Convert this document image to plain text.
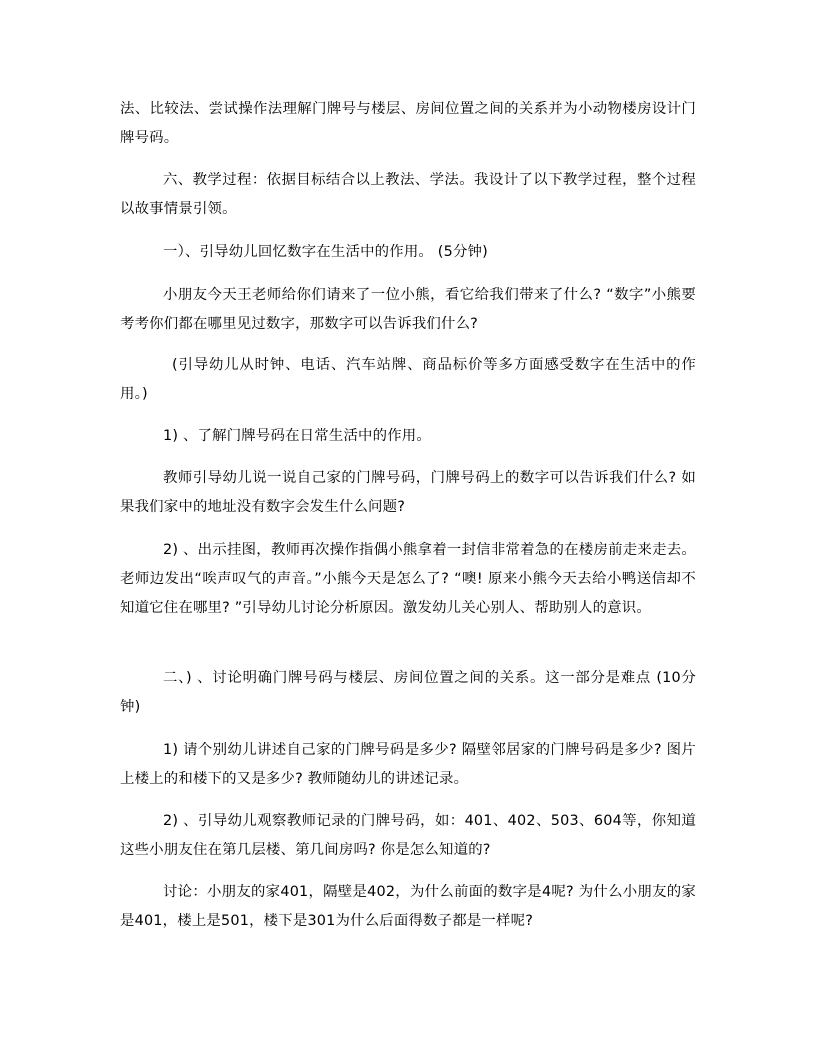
法、比较法、尝试操作法理解门牌号与楼层、房间位置之间的关系并为小动物楼房设计门牌号码。

六、教学过程：依据目标结合以上教法、学法。我设计了以下教学过程，整个过程以故事情景引领。

一）、引导幼儿回忆数字在生活中的作用。 (5分钟)

小朋友今天王老师给你们请来了一位小熊，看它给我们带来了什么? “数字”小熊要考考你们都在哪里见过数字，那数字可以告诉我们什么?

(引导幼儿从时钟、电话、汽车站牌、商品标价等多方面感受数字在生活中的作用。)

1) 、了解门牌号码在日常生活中的作用。

教师引导幼儿说一说自己家的门牌号码，门牌号码上的数字可以告诉我们什么? 如果我们家中的地址没有数字会发生什么问题?

2) 、出示挂图，教师再次操作指偶小熊拿着一封信非常着急的在楼房前走来走去。老师边发出“唉声叹气的声音。”小熊今天是怎么了? “噢! 原来小熊今天去给小鸭送信却不知道它住在哪里? ”引导幼儿讨论分析原因。激发幼儿关心别人、帮助别人的意识。

二、) 、讨论明确门牌号码与楼层、房间位置之间的关系。这一部分是难点 (10分钟)

1) 请个别幼儿讲述自己家的门牌号码是多少? 隔壁邻居家的门牌号码是多少? 图片上楼上的和楼下的又是多少? 教师随幼儿的讲述记录。

2) 、引导幼儿观察教师记录的门牌号码，如：401、402、503、604等，你知道这些小朋友住在第几层楼、第几间房吗? 你是怎么知道的?

讨论：小朋友的家401，隔壁是402，为什么前面的数字是4呢? 为什么小朋友的家是401，楼上是501，楼下是301为什么后面得数子都是一样呢?
